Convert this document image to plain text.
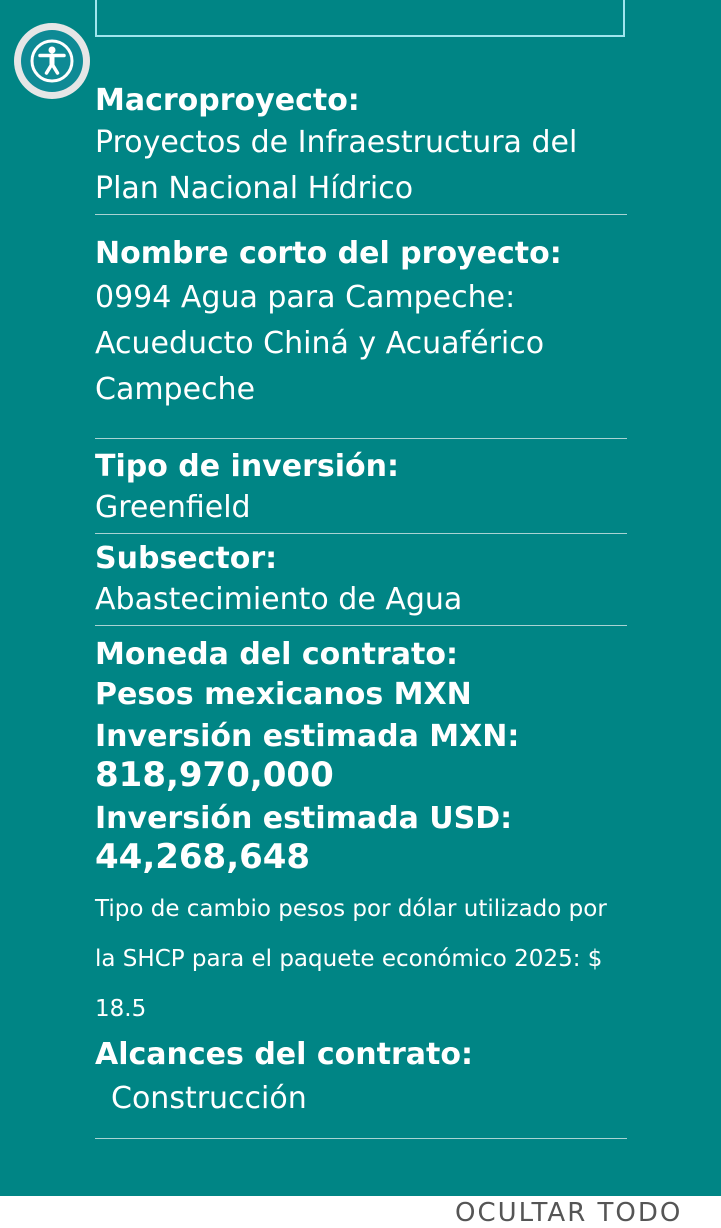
Macroproyecto:
Proyectos de Infraestructura del Plan Nacional Hídrico
Nombre corto del proyecto:
0994 Agua para Campeche: Acueducto Chiná y Acuaférico Campeche
Tipo de inversión:
Greenfield
Subsector:
Abastecimiento de Agua
Moneda del contrato:
Pesos mexicanos MXN
Inversión estimada MXN:
818,970,000
Inversión estimada USD:
44,268,648
Tipo de cambio pesos por dólar utilizado por la SHCP para el paquete económico 2025: $ 18.5
Alcances del contrato:
Construcción
OCULTAR TODO
